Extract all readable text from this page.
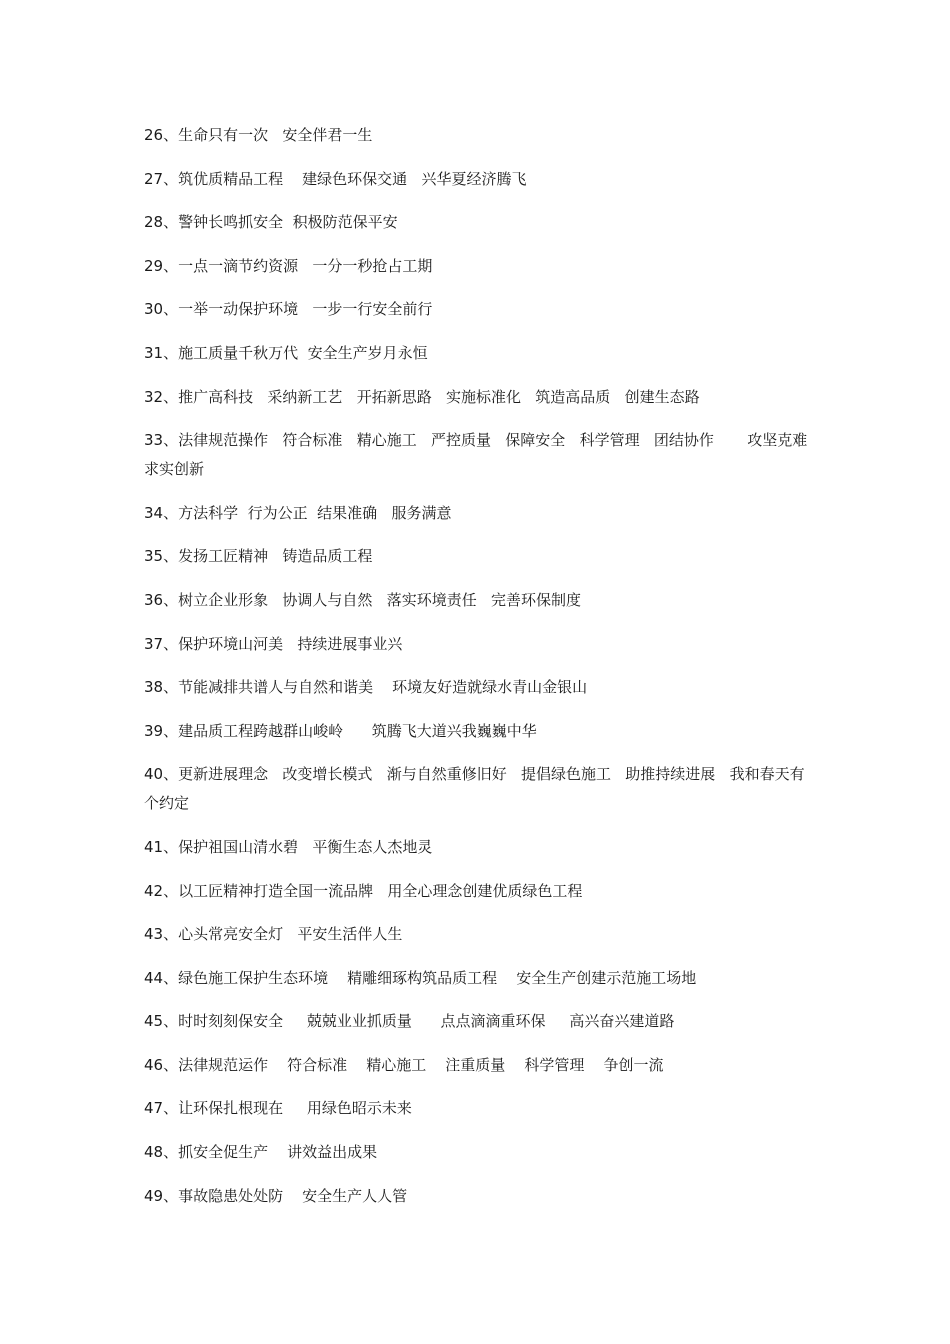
26、生命只有一次   安全伴君一生

27、筑优质精品工程    建绿色环保交通   兴华夏经济腾飞

28、警钟长鸣抓安全  积极防范保平安

29、一点一滴节约资源   一分一秒抢占工期

30、一举一动保护环境   一步一行安全前行

31、施工质量千秋万代  安全生产岁月永恒

32、推广高科技   采纳新工艺   开拓新思路   实施标准化   筑造高品质   创建生态路

33、法律规范操作   符合标准   精心施工   严控质量   保障安全   科学管理   团结协作       攻坚克难   求实创新

34、方法科学  行为公正  结果准确   服务满意

35、发扬工匠精神   铸造品质工程

36、树立企业形象   协调人与自然   落实环境责任   完善环保制度

37、保护环境山河美   持续进展事业兴

38、节能减排共谱人与自然和谐美    环境友好造就绿水青山金银山

39、建品质工程跨越群山峻岭      筑腾飞大道兴我巍巍中华

40、更新进展理念   改变增长模式   渐与自然重修旧好   提倡绿色施工   助推持续进展   我和春天有个约定

41、保护祖国山清水碧   平衡生态人杰地灵

42、以工匠精神打造全国一流品牌   用全心理念创建优质绿色工程

43、心头常亮安全灯   平安生活伴人生

44、绿色施工保护生态环境    精雕细琢构筑品质工程    安全生产创建示范施工场地

45、时时刻刻保安全     兢兢业业抓质量      点点滴滴重环保     高兴奋兴建道路

46、法律规范运作    符合标准    精心施工    注重质量    科学管理    争创一流

47、让环保扎根现在     用绿色昭示未来

48、抓安全促生产    讲效益出成果

49、事故隐患处处防    安全生产人人管
